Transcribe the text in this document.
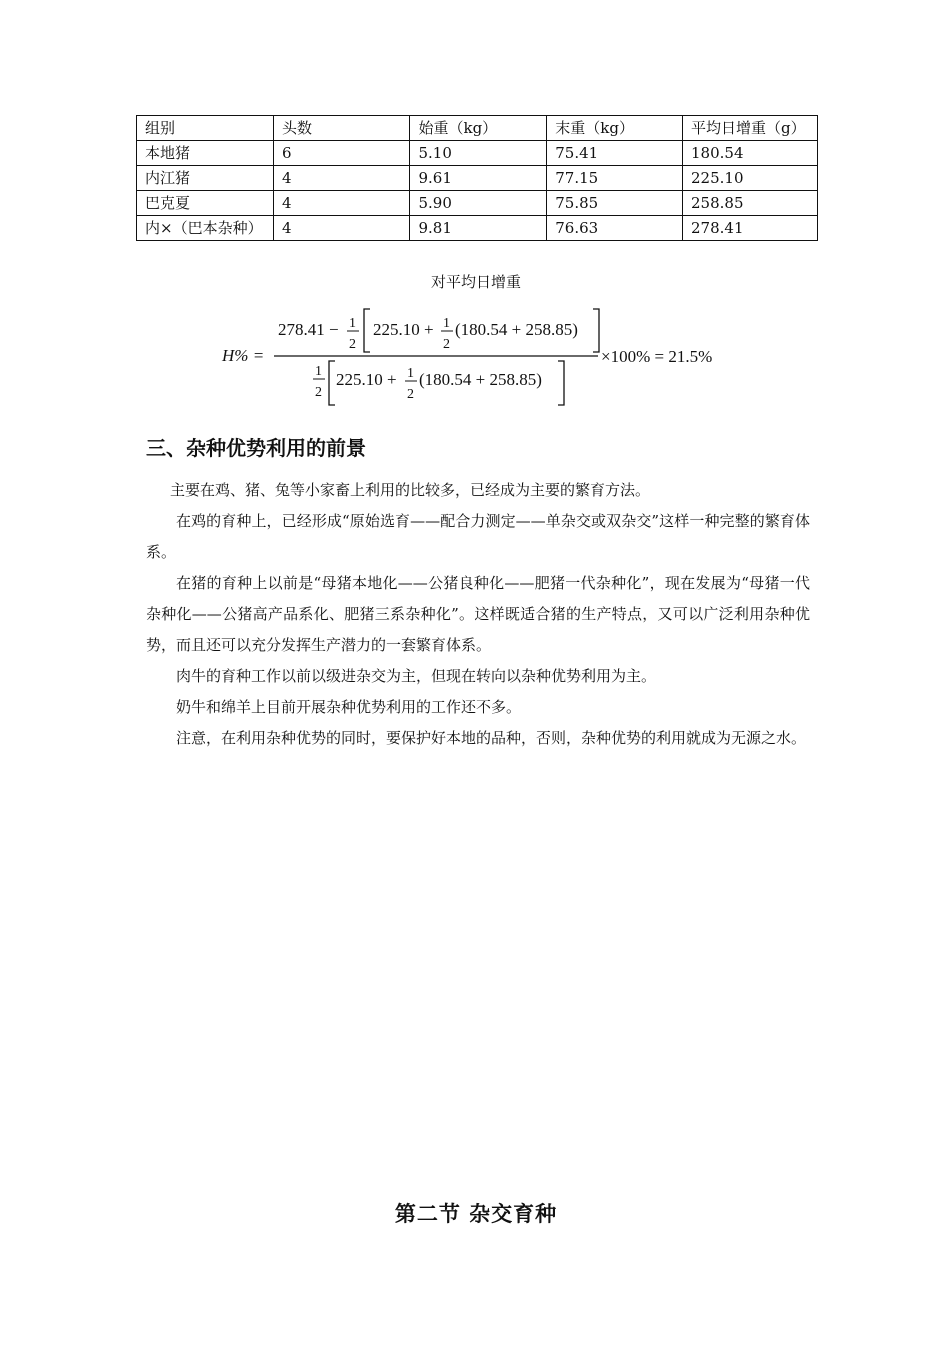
组别	头数	始重（kg）	末重（kg）	平均日增重（g）
本地猪	6	5.10	75.41	180.54
内江猪	4	9.61	77.15	225.10
巴克夏	4	5.90	75.85	258.85
内×（巴本杂种）	4	9.81	76.63	278.41
对平均日增重
H% =
278.41 − 1
2
225.10 + 1
2
(180.54 + 258.85)
1
2
225.10 + 1
2
(180.54 + 258.85)
×100% = 21.5%
三、杂种优势利用的前景

主要在鸡、猪、兔等小家畜上利用的比较多，已经成为主要的繁育方法。

在鸡的育种上，已经形成“原始选育——配合力测定——单杂交或双杂交”这样一种完整的繁育体系。

在猪的育种上以前是“母猪本地化——公猪良种化——肥猪一代杂种化”，现在发展为“母猪一代杂种化——公猪高产品系化、肥猪三系杂种化”。这样既适合猪的生产特点，又可以广泛利用杂种优势，而且还可以充分发挥生产潜力的一套繁育体系。

肉牛的育种工作以前以级进杂交为主，但现在转向以杂种优势利用为主。

奶牛和绵羊上目前开展杂种优势利用的工作还不多。

注意，在利用杂种优势的同时，要保护好本地的品种，否则，杂种优势的利用就成为无源之水。

第二节 杂交育种
